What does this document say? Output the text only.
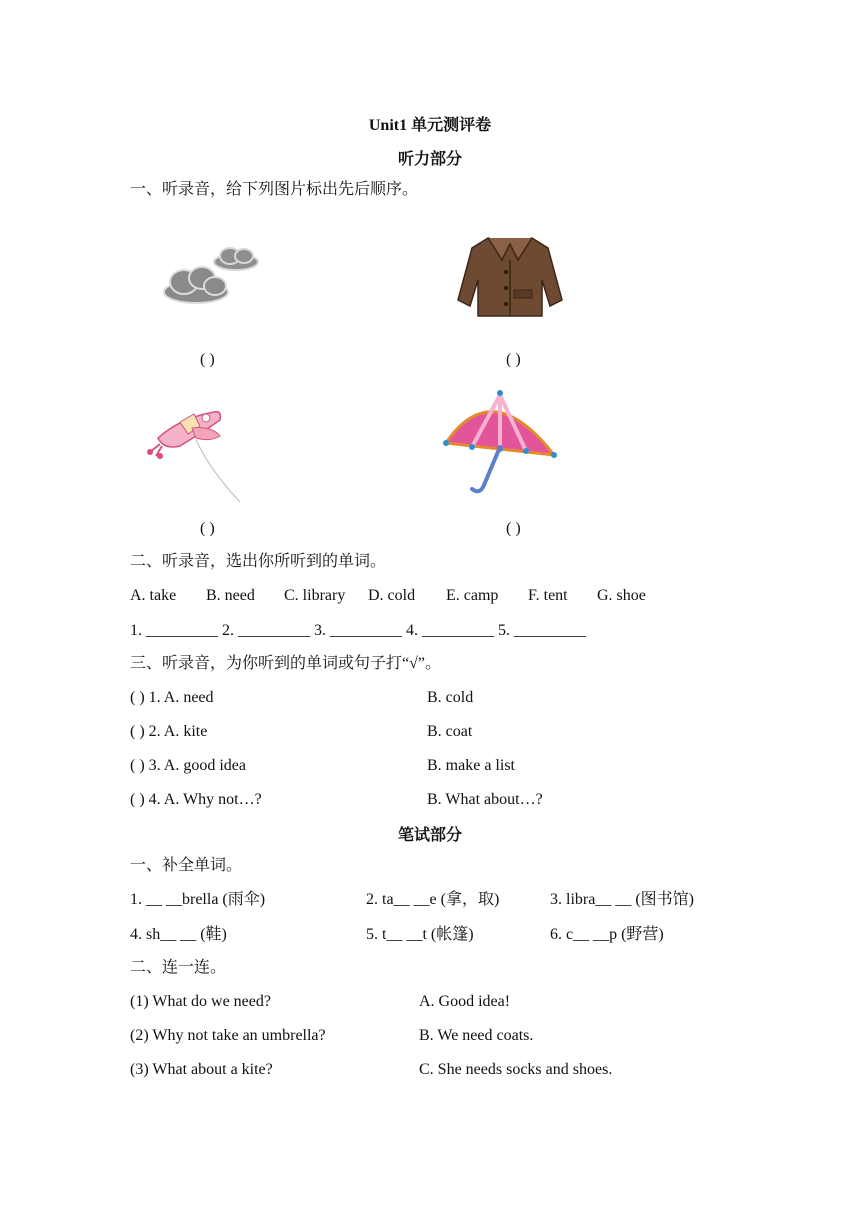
Unit1 单元测评卷
听力部分
一、听录音，给下列图片标出先后顺序。
( )	( )
( )	( )
二、听录音，选出你所听到的单词。
A. take B. need C. library D. cold E. camp F. tent G. shoe
1. _________ 2. _________ 3. _________ 4. _________ 5. _________
三、听录音，为你听到的单词或句子打“√”。
( ) 1. A. need	B. cold
( ) 2. A. kite	B. coat
( ) 3. A. good idea	B. make a list
( ) 4. A. Why not…?	B. What about…?
笔试部分
一、补全单词。
1. __ __brella (雨伞)	2. ta__ __e (拿，取)	3. libra__ __ (图书馆)
4. sh__ __ (鞋)	5. t__ __t (帐篷)	6. c__ __p (野营)
二、连一连。
(1) What do we need?	A. Good idea!
(2) Why not take an umbrella?	B. We need coats.
(3) What about a kite?	C. She needs socks and shoes.
